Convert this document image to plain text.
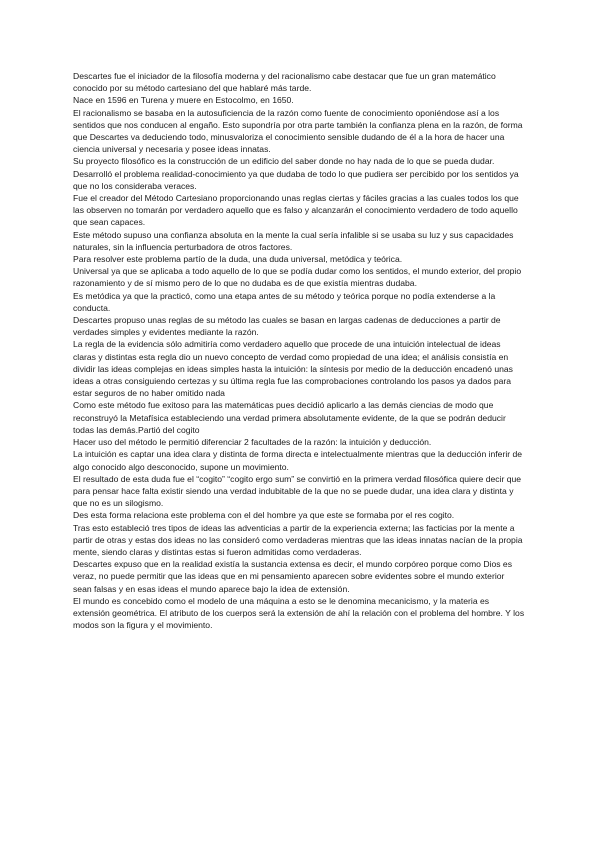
Descartes fue el iniciador de la filosofía moderna y del racionalismo cabe destacar que fue un gran matemático conocido por su método cartesiano del que hablaré más tarde.

Nace en 1596 en Turena y muere en Estocolmo, en 1650.

El racionalismo se basaba en la autosuficiencia de la razón como fuente de conocimiento oponiéndose así a los sentidos que nos conducen al engaño. Esto supondría por otra parte también la confianza plena en la razón, de forma que Descartes va deduciendo todo, minusvaloriza el conocimiento sensible dudando de él a la hora de hacer una ciencia universal y necesaria y posee ideas innatas.

Su proyecto filosófico es la construcción de un edificio del saber donde no hay nada de lo que se pueda dudar.

Desarrolló el problema realidad-conocimiento ya que dudaba de todo lo que pudiera ser percibido por los sentidos ya que no los consideraba veraces.

Fue el creador del Método Cartesiano proporcionando unas reglas ciertas y fáciles gracias a las cuales todos los que las observen no tomarán por verdadero aquello que es falso y alcanzarán el conocimiento verdadero de todo aquello que sean capaces.

Este método supuso una confianza absoluta en la mente la cual sería infalible si se usaba su luz y sus capacidades naturales, sin la influencia perturbadora de otros factores.

Para resolver este problema partío de la duda, una duda universal, metódica y teórica.

Universal ya que se aplicaba a todo aquello de lo que se podía dudar como los sentidos, el mundo exterior, del propio razonamiento y de sí mismo pero de lo que no dudaba es de que existía mientras dudaba.

Es metódica ya que la practicó, como una etapa antes de su método y teórica porque no podía extenderse a la conducta.

Descartes propuso unas reglas de su método las cuales se basan en largas cadenas de deducciones a partir de verdades simples y evidentes mediante la razón.

La regla de la evidencia sólo admitiría como verdadero aquello que procede de una intuición intelectual de ideas claras y distintas esta regla dio un nuevo concepto de verdad como propiedad de una idea; el análisis consistía en dividir las ideas complejas en ideas simples hasta la intuición: la síntesis por medio de la deducción encadenó unas ideas a otras consiguiendo certezas y su última regla fue las comprobaciones controlando los pasos ya dados para estar seguros de no haber omitido nada

Como este método fue exitoso para las matemáticas pues decidió aplicarlo a las demás ciencias de modo que reconstruyó la Metafísica estableciendo una verdad primera absolutamente evidente, de la que se podrán deducir todas las demás.Partió del cogito

Hacer uso del método le permitió diferenciar 2 facultades de la razón: la intuición y deducción.

La intuición es captar una idea clara y distinta de forma directa e intelectualmente mientras que la deducción inferir de algo conocido algo desconocido, supone un movimiento.

El resultado de esta duda fue el “cogito” “cogito ergo sum” se convirtió en la primera verdad filosófica quiere decir que para pensar hace falta existir siendo una verdad indubitable de la que no se puede dudar, una idea clara y distinta y que no es un silogismo.

Des esta forma relaciona este problema con el del hombre ya que este se formaba por el res cogito.

Tras esto estableció tres tipos de ideas las adventicias a partir de la experiencia externa; las facticias por la mente a partir de otras y estas dos ideas no las consideró como verdaderas mientras que las ideas innatas nacían de la propia mente, siendo claras y distintas estas si fueron admitidas como verdaderas.

Descartes expuso que en la realidad existía la sustancia extensa es decir, el mundo corpóreo porque como Dios es veraz, no puede permitir que las ideas que en mi pensamiento aparecen sobre evidentes sobre el mundo exterior sean falsas y en esas ideas el mundo aparece bajo la idea de extensión.

El mundo es concebido como el modelo de una máquina a esto se le denomina mecanicismo, y la materia es extensión geométrica. El atributo de los cuerpos será la extensión de ahí la relación con el problema del hombre. Y los modos son la figura y el movimiento.
